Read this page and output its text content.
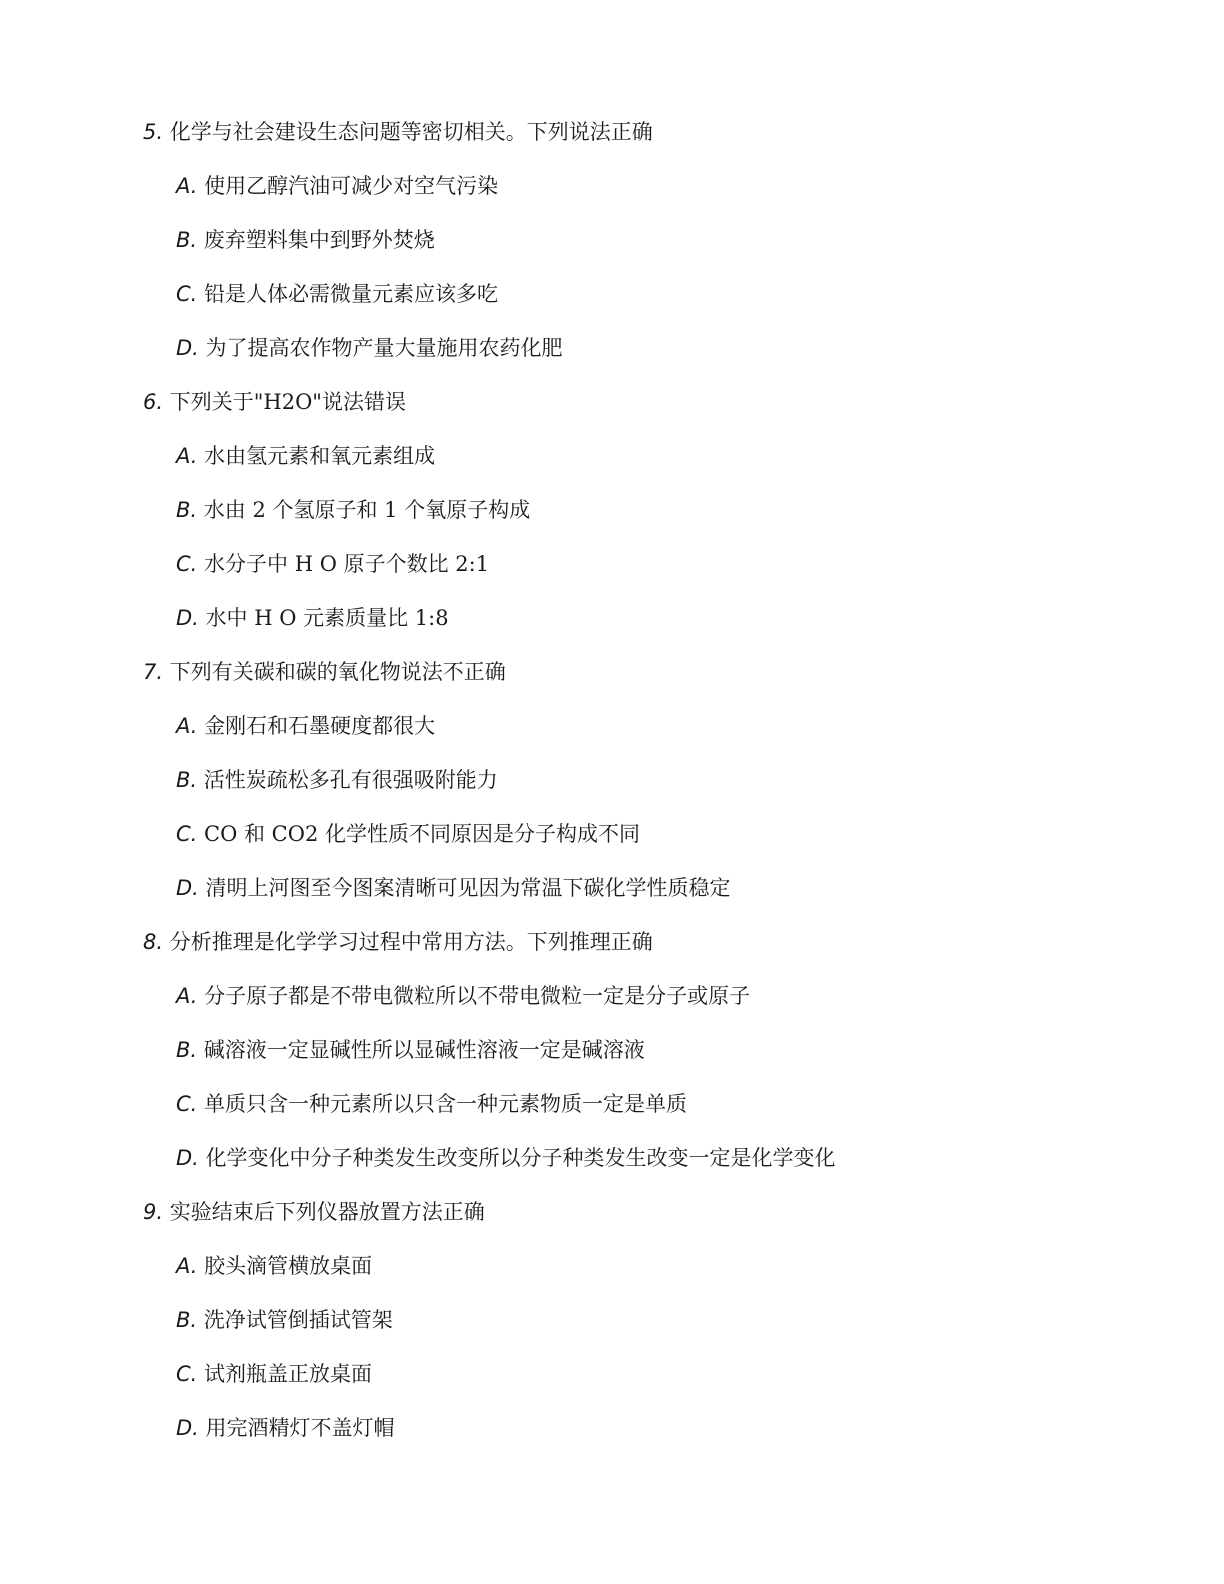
5. 化学与社会建设生态问题等密切相关。下列说法正确
A. 使用乙醇汽油可减少对空气污染
B. 废弃塑料集中到野外焚烧
C. 铅是人体必需微量元素应该多吃
D. 为了提高农作物产量大量施用农药化肥
6. 下列关于"H2O"说法错误
A. 水由氢元素和氧元素组成
B. 水由 2 个氢原子和 1 个氧原子构成
C. 水分子中 H O 原子个数比 2:1
D. 水中 H O 元素质量比 1:8
7. 下列有关碳和碳的氧化物说法不正确
A. 金刚石和石墨硬度都很大
B. 活性炭疏松多孔有很强吸附能力
C. CO 和 CO2 化学性质不同原因是分子构成不同
D. 清明上河图至今图案清晰可见因为常温下碳化学性质稳定
8. 分析推理是化学学习过程中常用方法。下列推理正确
A. 分子原子都是不带电微粒所以不带电微粒一定是分子或原子
B. 碱溶液一定显碱性所以显碱性溶液一定是碱溶液
C. 单质只含一种元素所以只含一种元素物质一定是单质
D. 化学变化中分子种类发生改变所以分子种类发生改变一定是化学变化
9. 实验结束后下列仪器放置方法正确
A. 胶头滴管横放桌面
B. 洗净试管倒插试管架
C. 试剂瓶盖正放桌面
D. 用完酒精灯不盖灯帽
